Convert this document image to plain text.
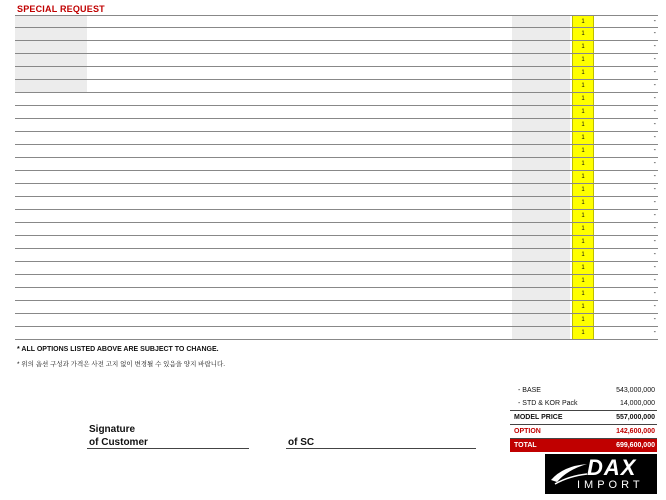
SPECIAL REQUEST
1	-
1	-
1	-
1	-
1	-
1	-
1	-
1	-
1	-
1	-
1	-
1	-
1	-
1	-
1	-
1	-
1	-
1	-
1	-
1	-
1	-
1	-
1	-
1	-
1	-
* ALL OPTIONS LISTED ABOVE ARE SUBJECT TO CHANGE.
* 위의 옵션 구성과 가격은 사전 고지 없이 변경될 수 있음을 양지 바랍니다.
Signature
of Customer	of SC
- BASE	543,000,000
- STD & KOR Pack	14,000,000
MODEL PRICE	557,000,000
OPTION	142,600,000
TOTAL	699,600,000
DAX
IMPORT
